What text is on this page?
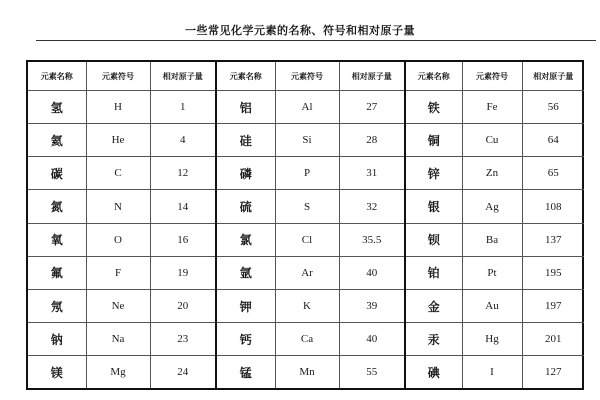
一些常见化学元素的名称、符号和相对原子量
元素名称	元素符号	相对原子量
氢	H	1
氦	He	4
碳	C	12
氮	N	14
氧	O	16
氟	F	19
氖	Ne	20
钠	Na	23
镁	Mg	24
元素名称	元素符号	相对原子量
铝	Al	27
硅	Si	28
磷	P	31
硫	S	32
氯	Cl	35.5
氩	Ar	40
钾	K	39
钙	Ca	40
锰	Mn	55
元素名称	元素符号	相对原子量
铁	Fe	56
铜	Cu	64
锌	Zn	65
银	Ag	108
钡	Ba	137
铂	Pt	195
金	Au	197
汞	Hg	201
碘	I	127
